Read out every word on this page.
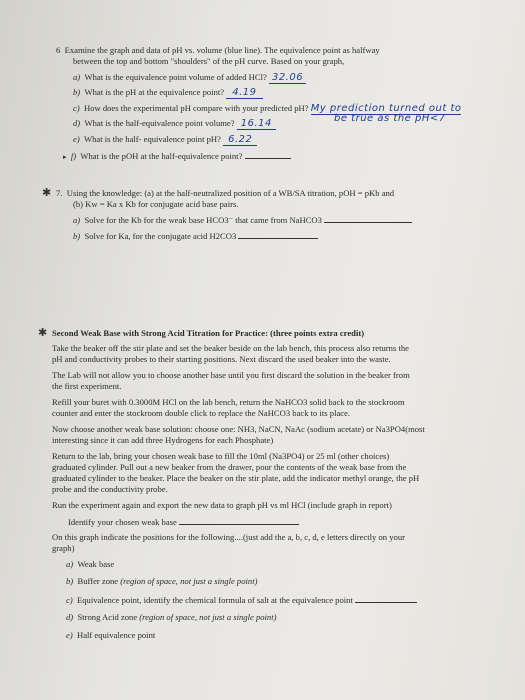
6 Examine the graph and data of pH vs. volume (blue line). The equivalence point as halfway
between the top and bottom "shoulders" of the pH curve. Based on your graph,
a) What is the equivalence point volume of added HCl? 32.06
b) What is the pH at the equivalence point? 4.19
c) How does the experimental pH compare with your predicted pH? My prediction turned out to
be true as the pH<7
d) What is the half-equivalence point volume? 16.14
e) What is the half- equivalence point pH? 6.22
▸ f) What is the pOH at the half-equivalence point?
✱ 7. Using the knowledge: (a) at the half-neutralized position of a WB/SA titration, pOH = pKb and
(b) Kw = Ka x Kb for conjugate acid base pairs.
a) Solve for the Kb for the weak base HCO3⁻ that came from NaHCO3
b) Solve for Ka, for the conjugate acid H2CO3
✱ Second Weak Base with Strong Acid Titration for Practice: (three points extra credit)
Take the beaker off the stir plate and set the beaker beside on the lab bench, this process also returns the
pH and conductivity probes to their starting positions. Next discard the used beaker into the waste.
The Lab will not allow you to choose another base until you first discard the solution in the beaker from
the first experiment.
Refill your buret with 0.3000M HCl on the lab bench, return the NaHCO3 solid back to the stockroom
counter and enter the stockroom double click to replace the NaHCO3 back to its place.
Now choose another weak base solution: choose one: NH3, NaCN, NaAc (sodium acetate) or Na3PO4(most
interesting since it can add three Hydrogens for each Phosphate)
Return to the lab, bring your chosen weak base to fill the 10ml (Na3PO4) or 25 ml (other choices)
graduated cylinder. Pull out a new beaker from the drawer, pour the contents of the weak base from the
graduated cylinder to the beaker. Place the beaker on the stir plate, add the indicator methyl orange, the pH
probe and the conductivity probe.
Run the experiment again and export the new data to graph pH vs ml HCl (include graph in report)
Identify your chosen weak base
On this graph indicate the positions for the following....(just add the a, b, c, d, e letters directly on your
graph)
a) Weak base
b) Buffer zone (region of space, not just a single point)
c) Equivalence point, identify the chemical formula of salt at the equivalence point
d) Strong Acid zone (region of space, not just a single point)
e) Half equivalence point
